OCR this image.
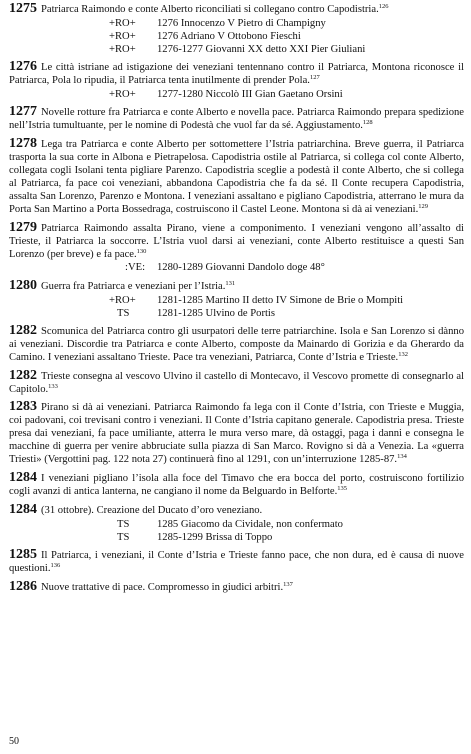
1275 Patriarca Raimondo e conte Alberto riconciliati si collegano contro Capodistria.$^{126}$
+RO+ 1276 Innocenzo V Pietro di Champigny
+RO+ 1276 Adriano V Ottobono Fieschi
+RO+ 1276-1277 Giovanni XX detto XXI Pier Giuliani
1276 Le città istriane ad istigazione dei veneziani tentennano contro il Patriarca, Montona riconosce il Patriarca, Pola lo ripudia, il Patriarca tenta inutilmente di prender Pola.$^{127}$
+RO+ 1277-1280 Niccolò III Gian Gaetano Orsini
1277 Novelle rotture fra Patriarca e conte Alberto e novella pace. Patriarca Raimondo prepara spedizione nell’Istria tumultuante, per le nomine di Podestà che vuol far da sé. Aggiustamento.$^{128}$
1278 Lega tra Patriarca e conte Alberto per sottomettere l’Istria patriarchina. Breve guerra, il Patriarca trasporta la sua corte in Albona e Pietrapelosa. Capodistria ostile al Patriarca, si collega col conte Alberto, collegata cogli Isolani tenta pigliare Parenzo. Capodistria sceglie a podestà il conte Alberto, che si collega al Patriarca, fa pace coi veneziani, abbandona Capodistria che fa da sé. Il Conte recupera Capodistria, assalta San Lorenzo, Parenzo e Montona. I veneziani assaltano e pigliano Capodistria, atterrano le mura da Porta San Martino a Porta Bossedraga, costruiscono il Castel Leone. Montona si dà ai veneziani.$^{129}$
1279 Patriarca Raimondo assalta Pirano, viene a componimento. I veneziani vengono all’assalto di Trieste, il Patriarca la soccorre. L’Istria vuol darsi ai veneziani, conte Alberto restituisce a questi San Lorenzo (per breve) e fa pace.$^{130}$
:VE: 1280-1289 Giovanni Dandolo doge 48°
1280 Guerra fra Patriarca e veneziani per l’Istria.$^{131}$
+RO+ 1281-1285 Martino II detto IV Simone de Brie o Mompiti
TS	1281-1285 Ulvino de Portis
1282 Scomunica del Patriarca contro gli usurpatori delle terre patriarchine. Isola e San Lorenzo si dànno ai veneziani. Discordie tra Patriarca e conte Alberto, composte da Mainardo di Gorizia e da Gherardo da Camino. I veneziani assaltano Trieste. Pace tra veneziani, Patriarca, Conte d’Istria e Trieste.$^{132}$
1282 Trieste consegna al vescovo Ulvino il castello di Montecavo, il Vescovo promette di consegnarlo al Capitolo.$^{133}$
1283 Pirano si dà ai veneziani. Patriarca Raimondo fa lega con il Conte d’Istria, con Trieste e Muggia, coi padovani, coi trevisani contro i veneziani. Il Conte d’Istria capitano generale. Capodistria presa. Trieste presa dai veneziani, fa pace umiliante, atterra le mura verso mare, dà ostaggi, paga i danni e consegna le macchine di guerra per venire abbruciate sulla piazza di San Marco. Rovigno si dà a Venezia. La «guerra Triesti» (Vergottini pag. 122 nota 27) continuerà fino al 1291, con un’interruzione 1285-87.$^{134}$
1284 I veneziani pigliano l’isola alla foce del Timavo che era bocca del porto, costruiscono fortilizio cogli avanzi di antica lanterna, ne cangiano il nome da Belguardo in Belforte.$^{135}$
1284 (31 ottobre). Creazione del Ducato d’oro veneziano.
TS	1285 Giacomo da Cividale, non confermato
TS	1285-1299 Brissa di Toppo
1285 Il Patriarca, i veneziani, il Conte d’Istria e Trieste fanno pace, che non dura, ed è causa di nuove questioni.$^{136}$
1286 Nuove trattative di pace. Compromesso in giudici arbitri.$^{137}$
50
